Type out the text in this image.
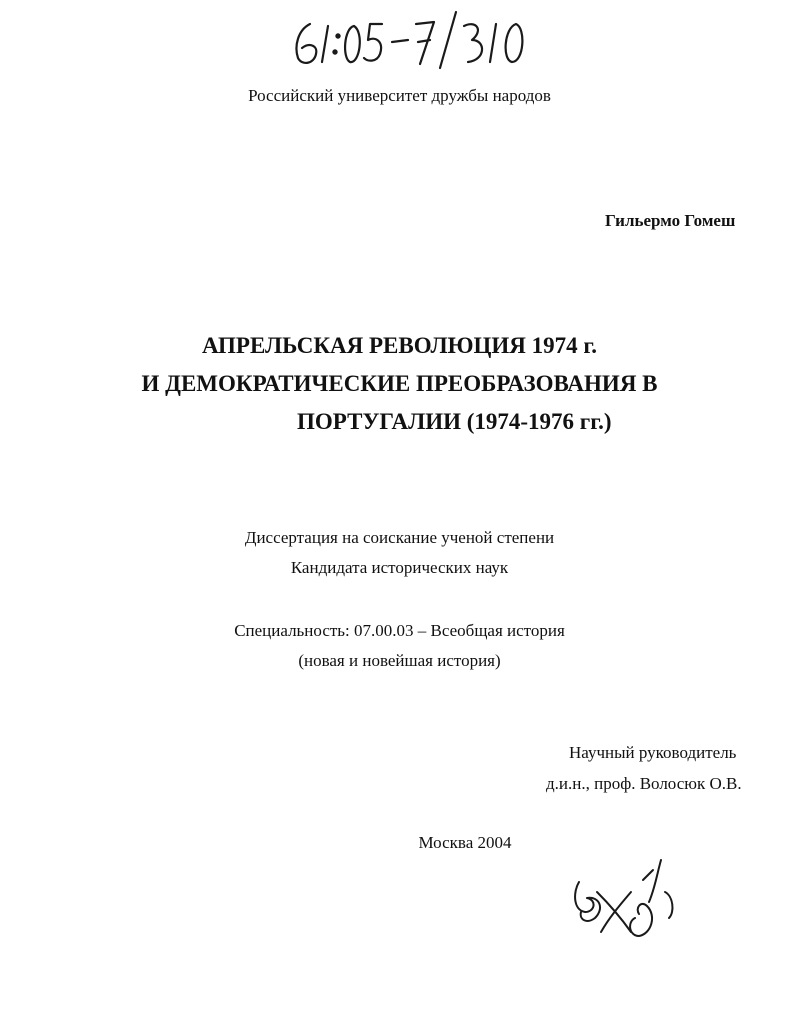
Российский университет дружбы народов
Гильермо Гомеш
АПРЕЛЬСКАЯ РЕВОЛЮЦИЯ 1974 г.
И ДЕМОКРАТИЧЕСКИЕ ПРЕОБРАЗОВАНИЯ В
ПОРТУГАЛИИ (1974-1976 гг.)
Диссертация на соискание ученой степени
Кандидата исторических наук
Специальность: 07.00.03 – Всеобщая история
(новая и новейшая история)
Научный руководитель
д.и.н., проф. Волосюк О.В.
Москва 2004
